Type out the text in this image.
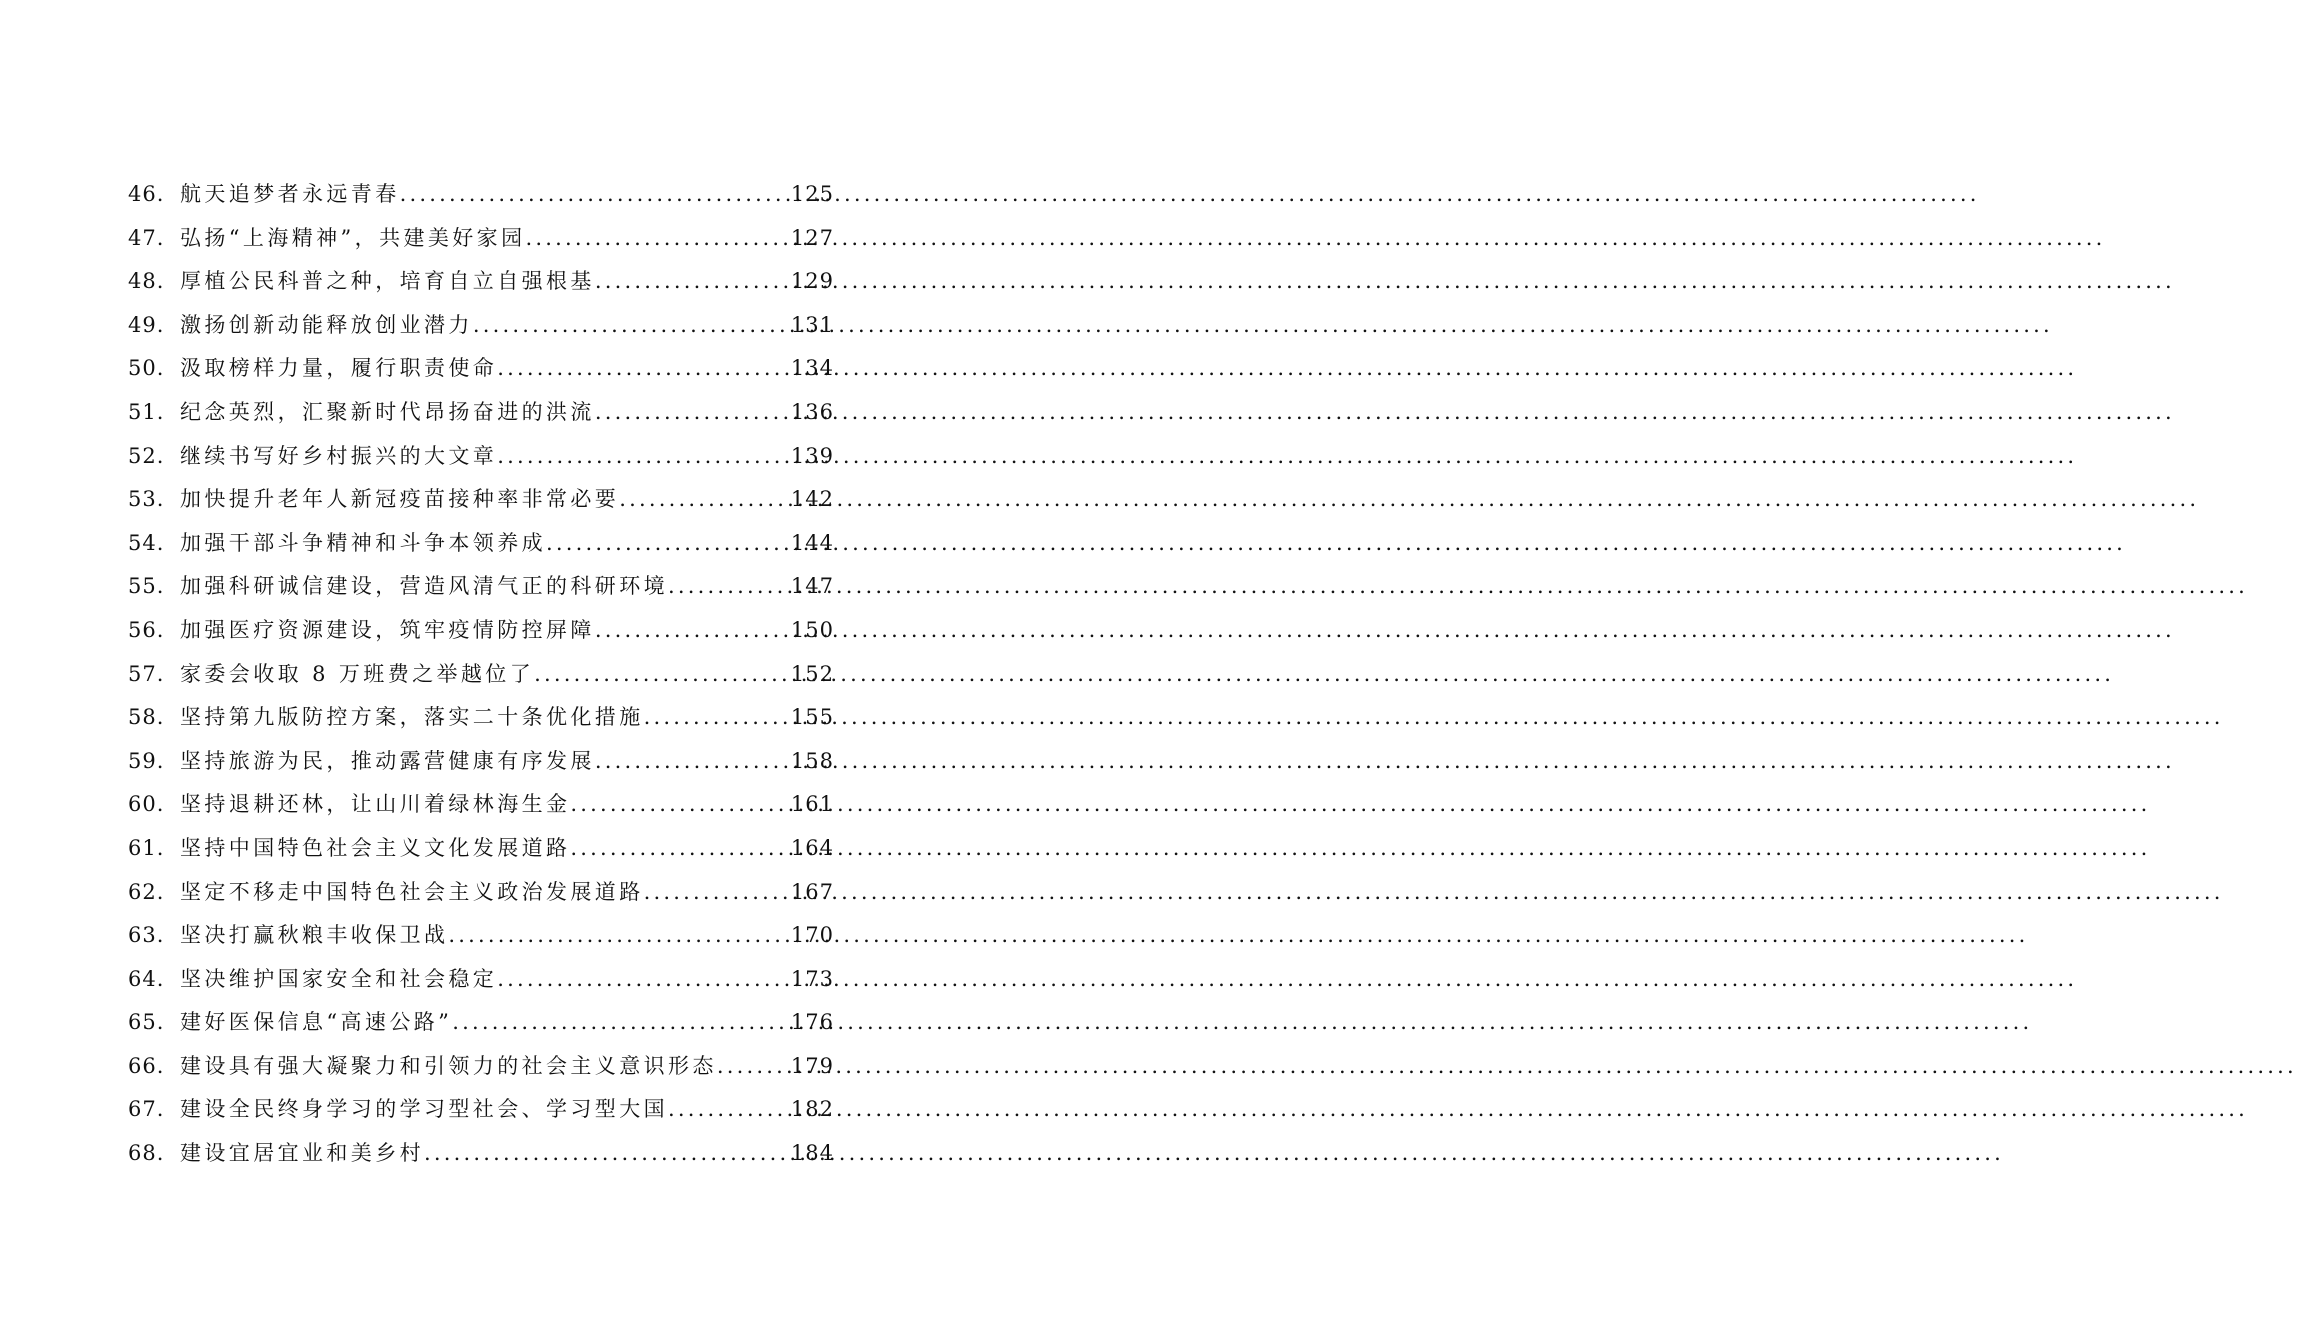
46. 航天追梦者永远青春 .....	125
47. 弘扬“上海精神”，共建美好家园 .....	127
48. 厚植公民科普之种，培育自立自强根基 .....	129
49. 激扬创新动能释放创业潜力 .....	131
50. 汲取榜样力量，履行职责使命 .....	134
51. 纪念英烈，汇聚新时代昂扬奋进的洪流 .....	136
52. 继续书写好乡村振兴的大文章 .....	139
53. 加快提升老年人新冠疫苗接种率非常必要 .....	142
54. 加强干部斗争精神和斗争本领养成 .....	144
55. 加强科研诚信建设，营造风清气正的科研环境 .....	147
56. 加强医疗资源建设，筑牢疫情防控屏障 .....	150
57. 家委会收取 8 万班费之举越位了 .....	152
58. 坚持第九版防控方案，落实二十条优化措施 .....	155
59. 坚持旅游为民，推动露营健康有序发展 .....	158
60. 坚持退耕还林，让山川着绿林海生金 .....	161
61. 坚持中国特色社会主义文化发展道路 .....	164
62. 坚定不移走中国特色社会主义政治发展道路 .....	167
63. 坚决打赢秋粮丰收保卫战 .....	170
64. 坚决维护国家安全和社会稳定 .....	173
65. 建好医保信息“高速公路” .....	176
66. 建设具有强大凝聚力和引领力的社会主义意识形态 .....	179
67. 建设全民终身学习的学习型社会、学习型大国 .....	182
68. 建设宜居宜业和美乡村 .....	184
